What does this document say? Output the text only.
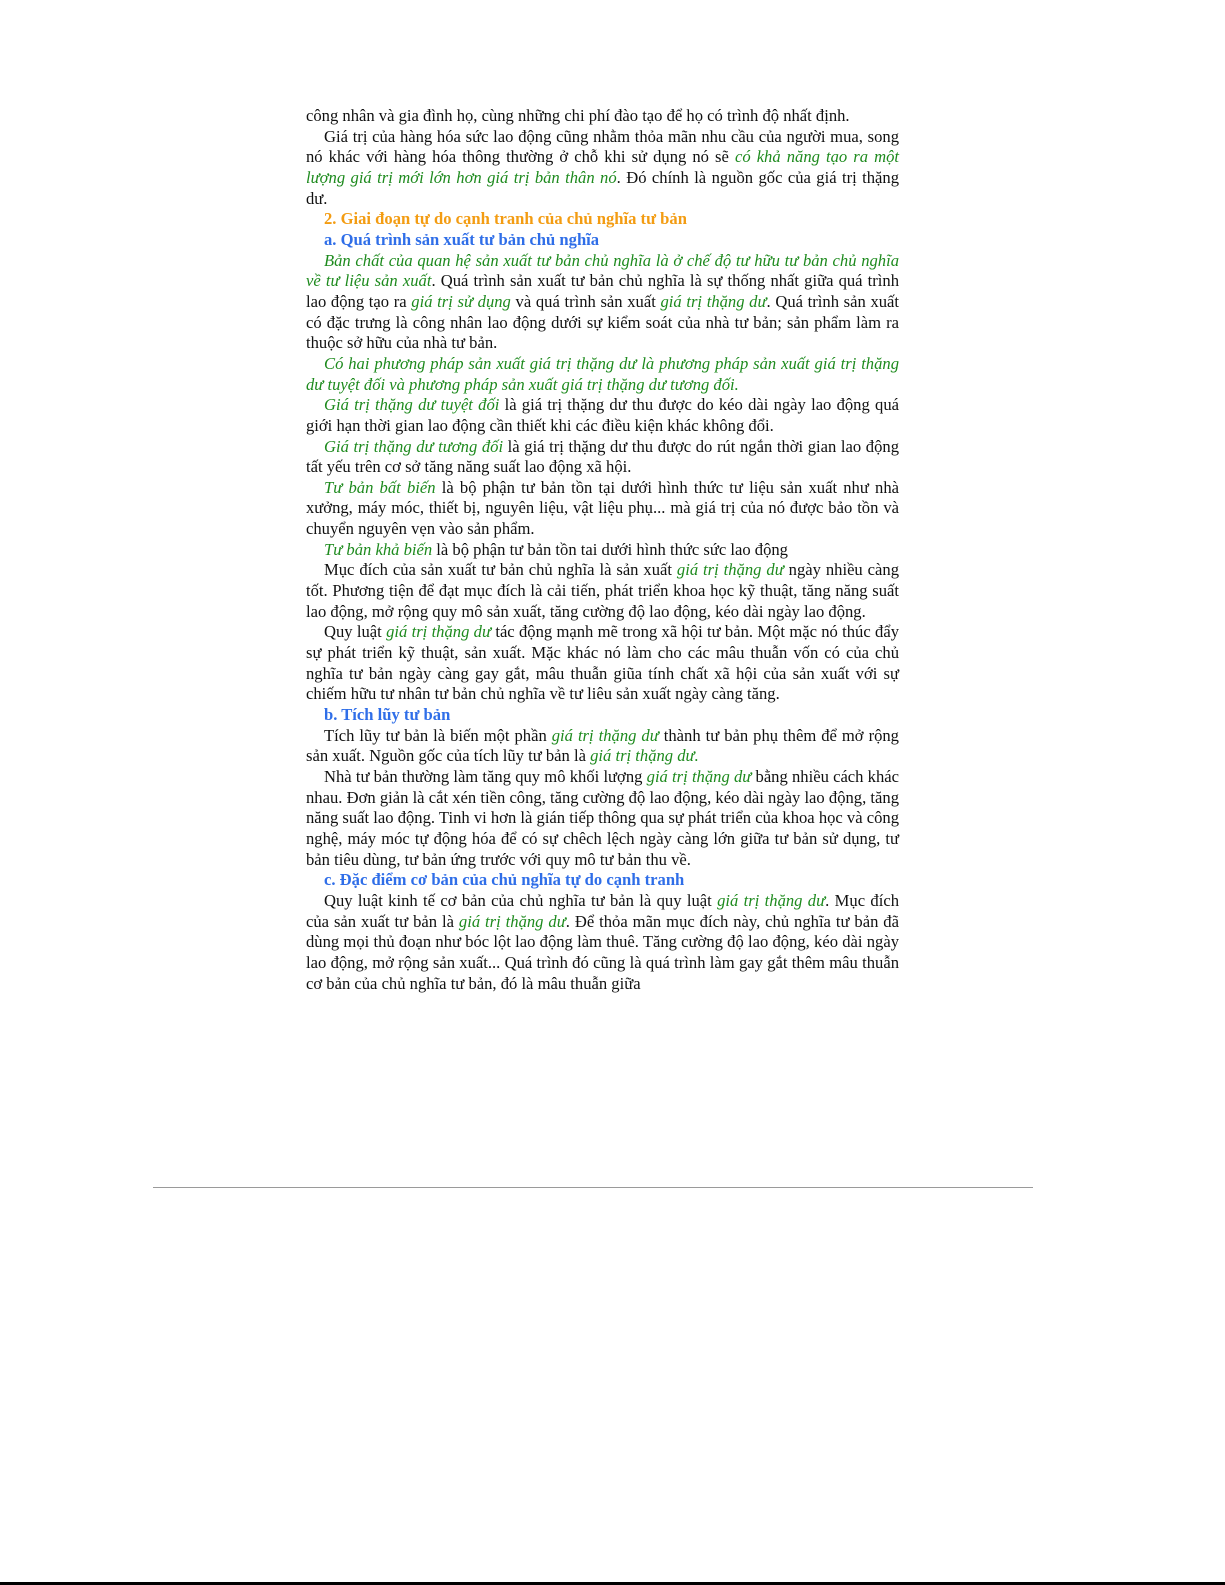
công nhân và gia đình họ, cùng những chi phí đào tạo để họ có trình độ nhất định.

Giá trị của hàng hóa sức lao động cũng nhằm thỏa mãn nhu cầu của người mua, song nó khác với hàng hóa thông thường ở chỗ khi sử dụng nó sẽ có khả năng tạo ra một lượng giá trị mới lớn hơn giá trị bản thân nó. Đó chính là nguồn gốc của giá trị thặng dư.

2. Giai đoạn tự do cạnh tranh của chủ nghĩa tư bản

a. Quá trình sản xuất tư bản chủ nghĩa

Bản chất của quan hệ sản xuất tư bản chủ nghĩa là ở chế độ tư hữu tư bản chủ nghĩa về tư liệu sản xuất. Quá trình sản xuất tư bản chủ nghĩa là sự thống nhất giữa quá trình lao động tạo ra giá trị sử dụng và quá trình sản xuất giá trị thặng dư. Quá trình sản xuất có đặc trưng là công nhân lao động dưới sự kiểm soát của nhà tư bản; sản phẩm làm ra thuộc sở hữu của nhà tư bản.

Có hai phương pháp sản xuất giá trị thặng dư là phương pháp sản xuất giá trị thặng dư tuyệt đối và phương pháp sản xuất giá trị thặng dư tương đối.

Giá trị thặng dư tuyệt đối là giá trị thặng dư thu được do kéo dài ngày lao động quá giới hạn thời gian lao động cần thiết khi các điều kiện khác không đổi.

Giá trị thặng dư tương đối là giá trị thặng dư thu được do rút ngắn thời gian lao động tất yếu trên cơ sở tăng năng suất lao động xã hội.

Tư bản bất biến là bộ phận tư bản tồn tại dưới hình thức tư liệu sản xuất như nhà xưởng, máy móc, thiết bị, nguyên liệu, vật liệu phụ... mà giá trị của nó được bảo tồn và chuyển nguyên vẹn vào sản phẩm.

Tư bản khả biến là bộ phận tư bản tồn tai dưới hình thức sức lao động

Mục đích của sản xuất tư bản chủ nghĩa là sản xuất giá trị thặng dư ngày nhiều càng tốt. Phương tiện để đạt mục đích là cải tiến, phát triển khoa học kỹ thuật, tăng năng suất lao động, mở rộng quy mô sản xuất, tăng cường độ lao động, kéo dài ngày lao động.

Quy luật giá trị thặng dư tác động mạnh mẽ trong xã hội tư bản. Một mặc nó thúc đẩy sự phát triển kỹ thuật, sản xuất. Mặc khác nó làm cho các mâu thuẫn vốn có của chủ nghĩa tư bản ngày càng gay gắt, mâu thuẫn giũa tính chất xã hội của sản xuất với sự chiếm hữu tư nhân tư bản chủ nghĩa về tư liêu sản xuất ngày càng tăng.

b. Tích lũy tư bản

Tích lũy tư bản là biến một phần giá trị thặng dư thành tư bản phụ thêm để mở rộng sản xuất. Nguồn gốc của tích lũy tư bản là giá trị thặng dư.

Nhà tư bản thường làm tăng quy mô khối lượng giá trị thặng dư bằng nhiều cách khác nhau. Đơn giản là cắt xén tiền công, tăng cường độ lao động, kéo dài ngày lao động, tăng năng suất lao động. Tinh vi hơn là gián tiếp thông qua sự phát triển của khoa học và công nghệ, máy móc tự động hóa để có sự chêch lệch ngày càng lớn giữa tư bản sử dụng, tư bản tiêu dùng, tư bản ứng trước với quy mô tư bản thu về.

c. Đặc điểm cơ bản của chủ nghĩa tự do cạnh tranh

Quy luật kinh tế cơ bản của chủ nghĩa tư bản là quy luật giá trị thặng dư. Mục đích của sản xuất tư bản là giá trị thặng dư. Để thỏa mãn mục đích này, chủ nghĩa tư bản đã dùng mọi thủ đoạn như bóc lột lao động làm thuê. Tăng cường độ lao động, kéo dài ngày lao động, mở rộng sản xuất... Quá trình đó cũng là quá trình làm gay gắt thêm mâu thuẫn cơ bản của chủ nghĩa tư bản, đó là mâu thuẫn giữa
